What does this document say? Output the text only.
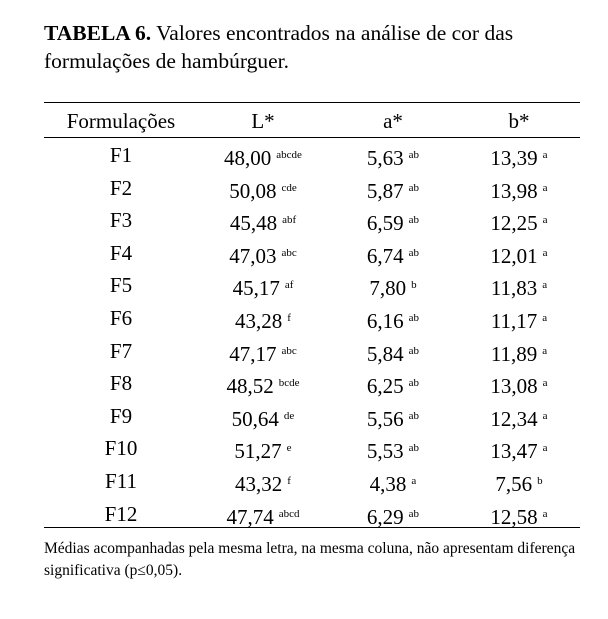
TABELA 6. Valores encontrados na análise de cor das formulações de hambúrguer.
Formulações	L*	a*	b*
F1	48,00 $^{abcde}$	5,63 $^{ab}$	13,39 $^a$
F2	50,08 $^{cde}$	5,87 $^{ab}$	13,98 $^a$
F3	45,48 $^{abf}$	6,59 $^{ab}$	12,25 $^a$
F4	47,03 $^{abc}$	6,74 $^{ab}$	12,01 $^a$
F5	45,17 $^{af}$	7,80 $^b$	11,83 $^a$
F6	43,28 $^f$	6,16 $^{ab}$	11,17 $^a$
F7	47,17 $^{abc}$	5,84 $^{ab}$	11,89 $^a$
F8	48,52 $^{bcde}$	6,25 $^{ab}$	13,08 $^a$
F9	50,64 $^{de}$	5,56 $^{ab}$	12,34 $^a$
F10	51,27 $^e$	5,53 $^{ab}$	13,47 $^a$
F11	43,32 $^f$	4,38 $^a$	7,56 $^b$
F12	47,74 $^{abcd}$	6,29 $^{ab}$	12,58 $^a$
Médias acompanhadas pela mesma letra, na mesma coluna, não apresentam diferença significativa (p≤0,05).
